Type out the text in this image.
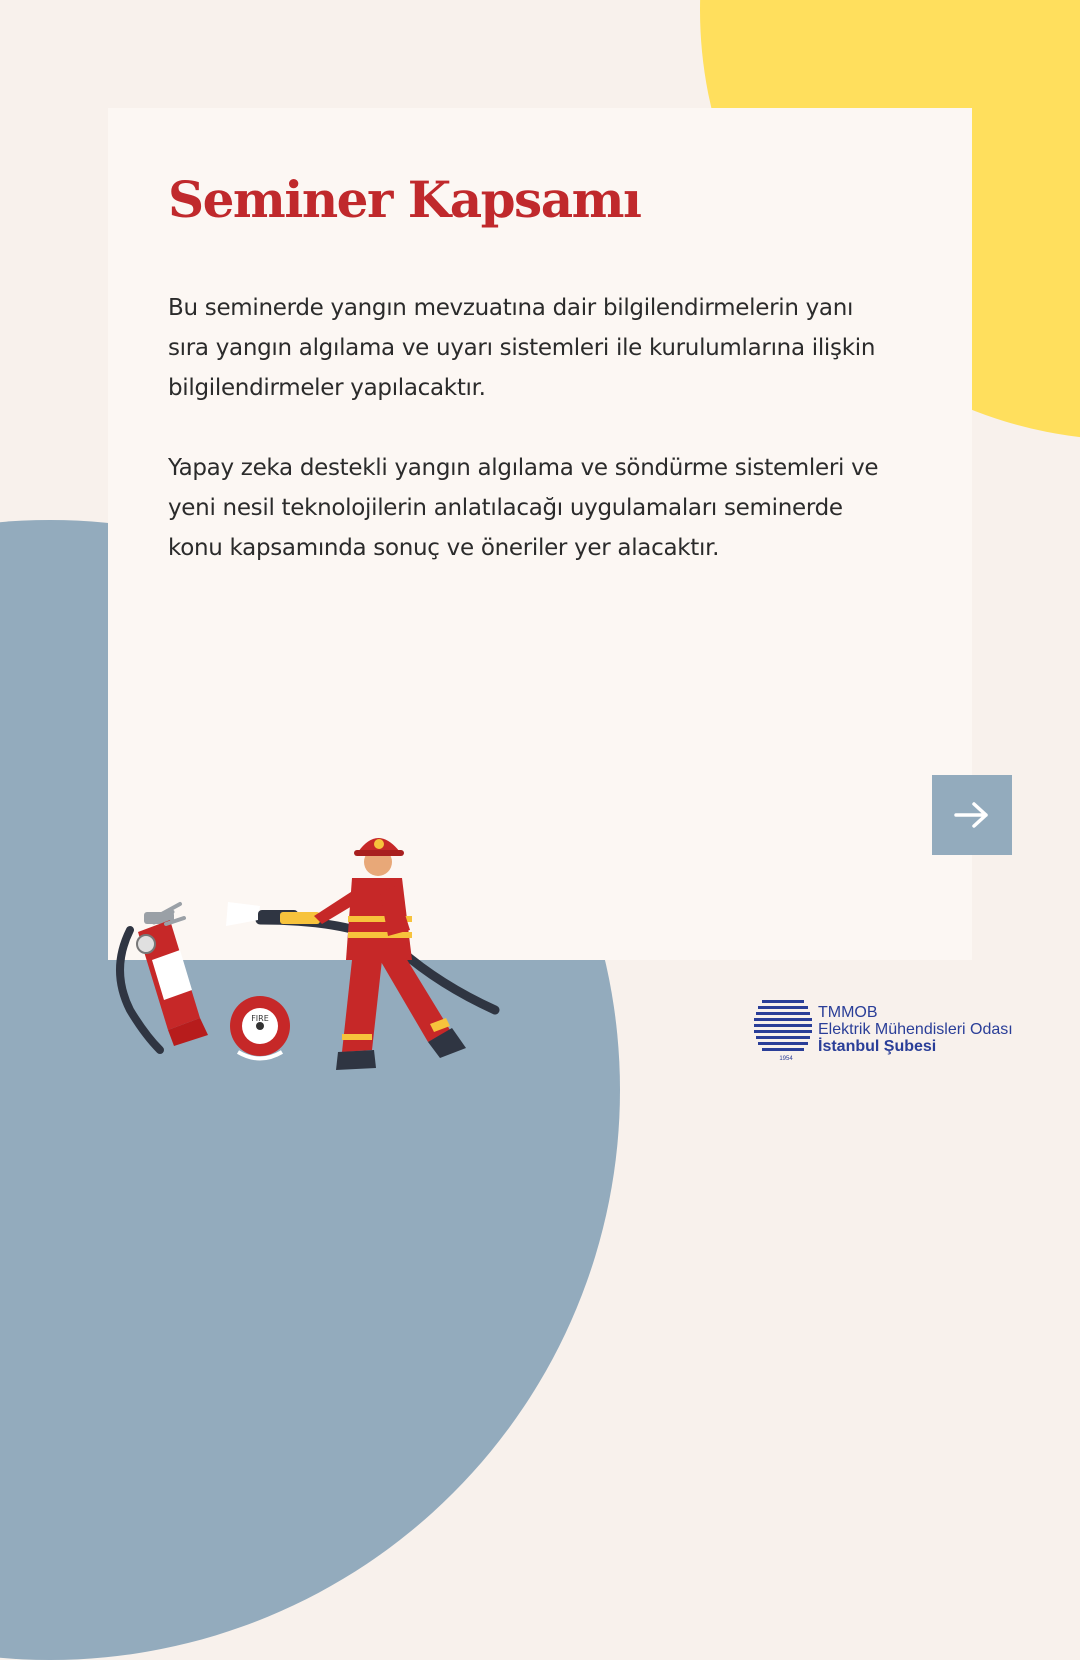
Seminer Kapsamı

Bu seminerde yangın mevzuatına dair bilgilendirmelerin yanı sıra yangın algılama ve uyarı sistemleri ile kurulumlarına ilişkin bilgilendirmeler yapılacaktır.

Yapay zeka destekli yangın algılama ve söndürme sistemleri ve yeni nesil teknolojilerin anlatılacağı uygulamaları seminerde konu kapsamında sonuç ve öneriler yer alacaktır.

FIRE
1954
TMMOB
Elektrik Mühendisleri Odası
İstanbul Şubesi
